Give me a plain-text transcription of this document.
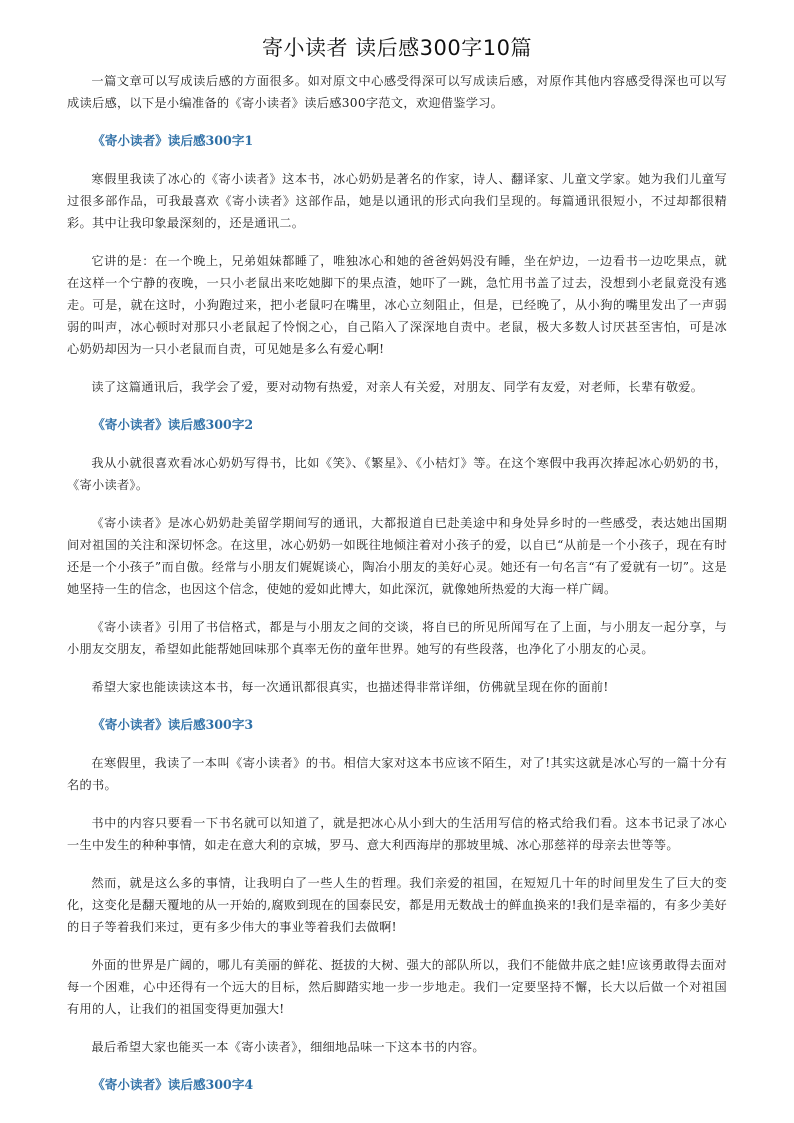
寄小读者 读后感300字10篇

一篇文章可以写成读后感的方面很多。如对原文中心感受得深可以写成读后感，对原作其他内容感受得深也可以写成读后感，以下是小编准备的《寄小读者》读后感300字范文，欢迎借鉴学习。

《寄小读者》读后感300字1

寒假里我读了冰心的《寄小读者》这本书，冰心奶奶是著名的作家，诗人、翻译家、儿童文学家。她为我们儿童写过很多部作品，可我最喜欢《寄小读者》这部作品，她是以通讯的形式向我们呈现的。每篇通讯很短小，不过却都很精彩。其中让我印象最深刻的，还是通讯二。

它讲的是：在一个晚上，兄弟姐妹都睡了，唯独冰心和她的爸爸妈妈没有睡，坐在炉边，一边看书一边吃果点，就在这样一个宁静的夜晚，一只小老鼠出来吃她脚下的果点渣，她吓了一跳，急忙用书盖了过去，没想到小老鼠竟没有逃走。可是，就在这时，小狗跑过来，把小老鼠叼在嘴里，冰心立刻阻止，但是，已经晚了，从小狗的嘴里发出了一声弱弱的叫声，冰心顿时对那只小老鼠起了怜悯之心，自己陷入了深深地自责中。老鼠，极大多数人讨厌甚至害怕，可是冰心奶奶却因为一只小老鼠而自责，可见她是多么有爱心啊!

读了这篇通讯后，我学会了爱，要对动物有热爱，对亲人有关爱，对朋友、同学有友爱，对老师，长辈有敬爱。

《寄小读者》读后感300字2

我从小就很喜欢看冰心奶奶写得书，比如《笑》、《繁星》、《小桔灯》等。在这个寒假中我再次捧起冰心奶奶的书，《寄小读者》。

《寄小读者》是冰心奶奶赴美留学期间写的通讯，大都报道自已赴美途中和身处异乡时的一些感受，表达她出国期间对祖国的关注和深切怀念。在这里，冰心奶奶一如既往地倾注着对小孩子的爱，以自已“从前是一个小孩子，现在有时还是一个小孩子”而自傲。经常与小朋友们娓娓谈心，陶冶小朋友的美好心灵。她还有一句名言“有了爱就有一切”。这是她坚持一生的信念，也因这个信念，使她的爱如此博大，如此深沉，就像她所热爱的大海一样广阔。

《寄小读者》引用了书信格式，都是与小朋友之间的交谈，将自已的所见所闻写在了上面，与小朋友一起分享，与小朋友交朋友，希望如此能帮她回味那个真率无伤的童年世界。她写的有些段落，也净化了小朋友的心灵。

希望大家也能读读这本书，每一次通讯都很真实，也描述得非常详细，仿佛就呈现在你的面前!

《寄小读者》读后感300字3

在寒假里，我读了一本叫《寄小读者》的书。相信大家对这本书应该不陌生，对了!其实这就是冰心写的一篇十分有名的书。

书中的内容只要看一下书名就可以知道了，就是把冰心从小到大的生活用写信的格式给我们看。这本书记录了冰心一生中发生的种种事情，如走在意大利的京城，罗马、意大利西海岸的那坡里城、冰心那慈祥的母亲去世等等。

然而，就是这么多的事情，让我明白了一些人生的哲理。我们亲爱的祖国，在短短几十年的时间里发生了巨大的变化，这变化是翻天覆地的从一开始的,腐败到现在的国泰民安，都是用无数战士的鲜血换来的!我们是幸福的，有多少美好的日子等着我们来过，更有多少伟大的事业等着我们去做啊!

外面的世界是广阔的，哪儿有美丽的鲜花、挺拔的大树、强大的部队所以，我们不能做井底之蛙!应该勇敢得去面对每一个困难，心中还得有一个远大的目标，然后脚踏实地一步一步地走。我们一定要坚持不懈，长大以后做一个对祖国有用的人，让我们的祖国变得更加强大!

最后希望大家也能买一本《寄小读者》，细细地品味一下这本书的内容。

《寄小读者》读后感300字4
